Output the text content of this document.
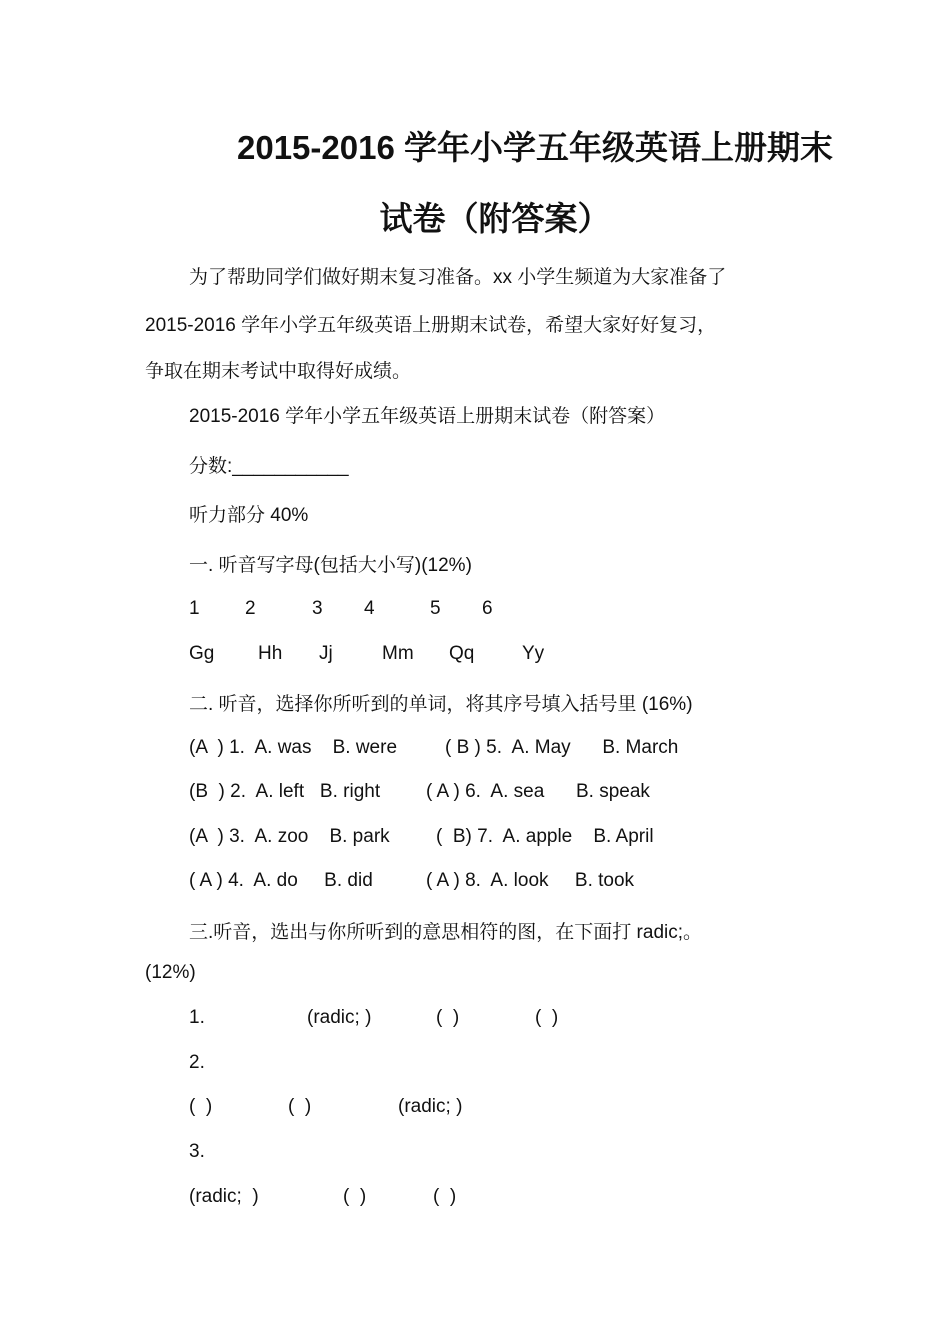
2015-2016 学年小学五年级英语上册期末
试卷（附答案）
为了帮助同学们做好期末复习准备。xx 小学生频道为大家准备了
2015-2016 学年小学五年级英语上册期末试卷，希望大家好好复习，
争取在期末考试中取得好成绩。
2015-2016 学年小学五年级英语上册期末试卷（附答案）
分数:___________
听力部分 40%
一. 听音写字母(包括大小写)(12%)
1 2	3 4	5 6
Gg Hh Jj	Mm Qq	Yy
二. 听音，选择你所听到的单词，将其序号填入括号里 (16%)
(A  ) 1.  A. was    B. were	( B ) 5.  A. May      B. March
(B  ) 2.  A. left   B. right ( A ) 6.  A. sea      B. speak
(A  ) 3.  A. zoo    B. park (  B) 7.  A. apple    B. April
( A ) 4.  A. do     B. did	( A ) 8.  A. look     B. took
三.听音，选出与你所听到的意思相符的图，在下面打 radic;。
(12%)
1.	(radic; )	(  )	(  )
2.
(  )	(  )	(radic; )
3.
(radic;  )	(  )	(  )
